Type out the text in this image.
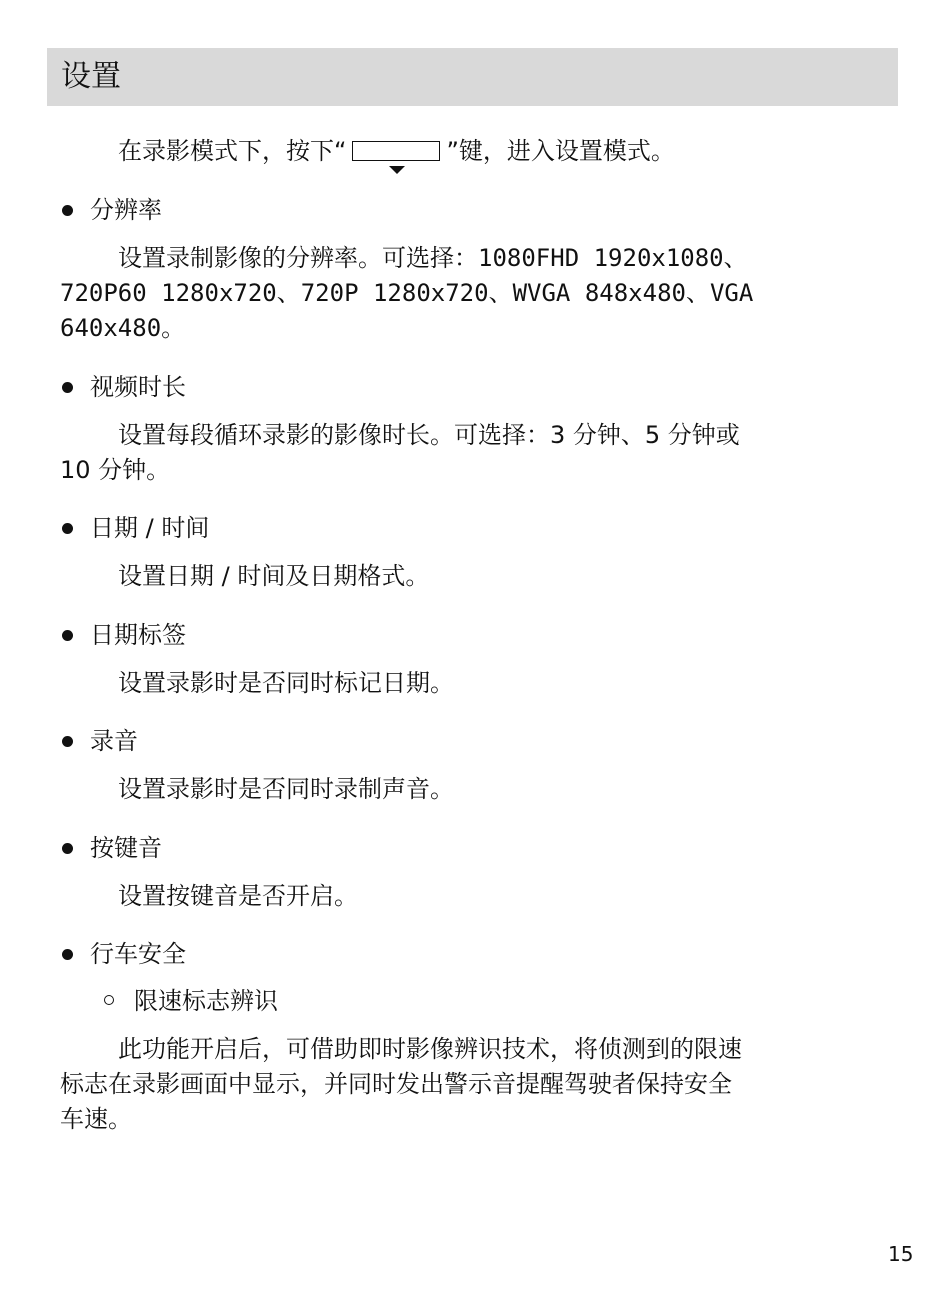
设置
在录影模式下，按下“	”键，进入设置模式。
分辨率
设置录制影像的分辨率。可选择：1080FHD 1920x1080、
720P60 1280x720、720P 1280x720、WVGA 848x480、VGA
640x480。
视频时长
设置每段循环录影的影像时长。可选择：3 分钟、5 分钟或
10 分钟。
日期 / 时间
设置日期 / 时间及日期格式。
日期标签
设置录影时是否同时标记日期。
录音
设置录影时是否同时录制声音。
按键音
设置按键音是否开启。
行车安全
限速标志辨识
此功能开启后，可借助即时影像辨识技术，将侦测到的限速
标志在录影画面中显示，并同时发出警示音提醒驾驶者保持安全
车速。
15
